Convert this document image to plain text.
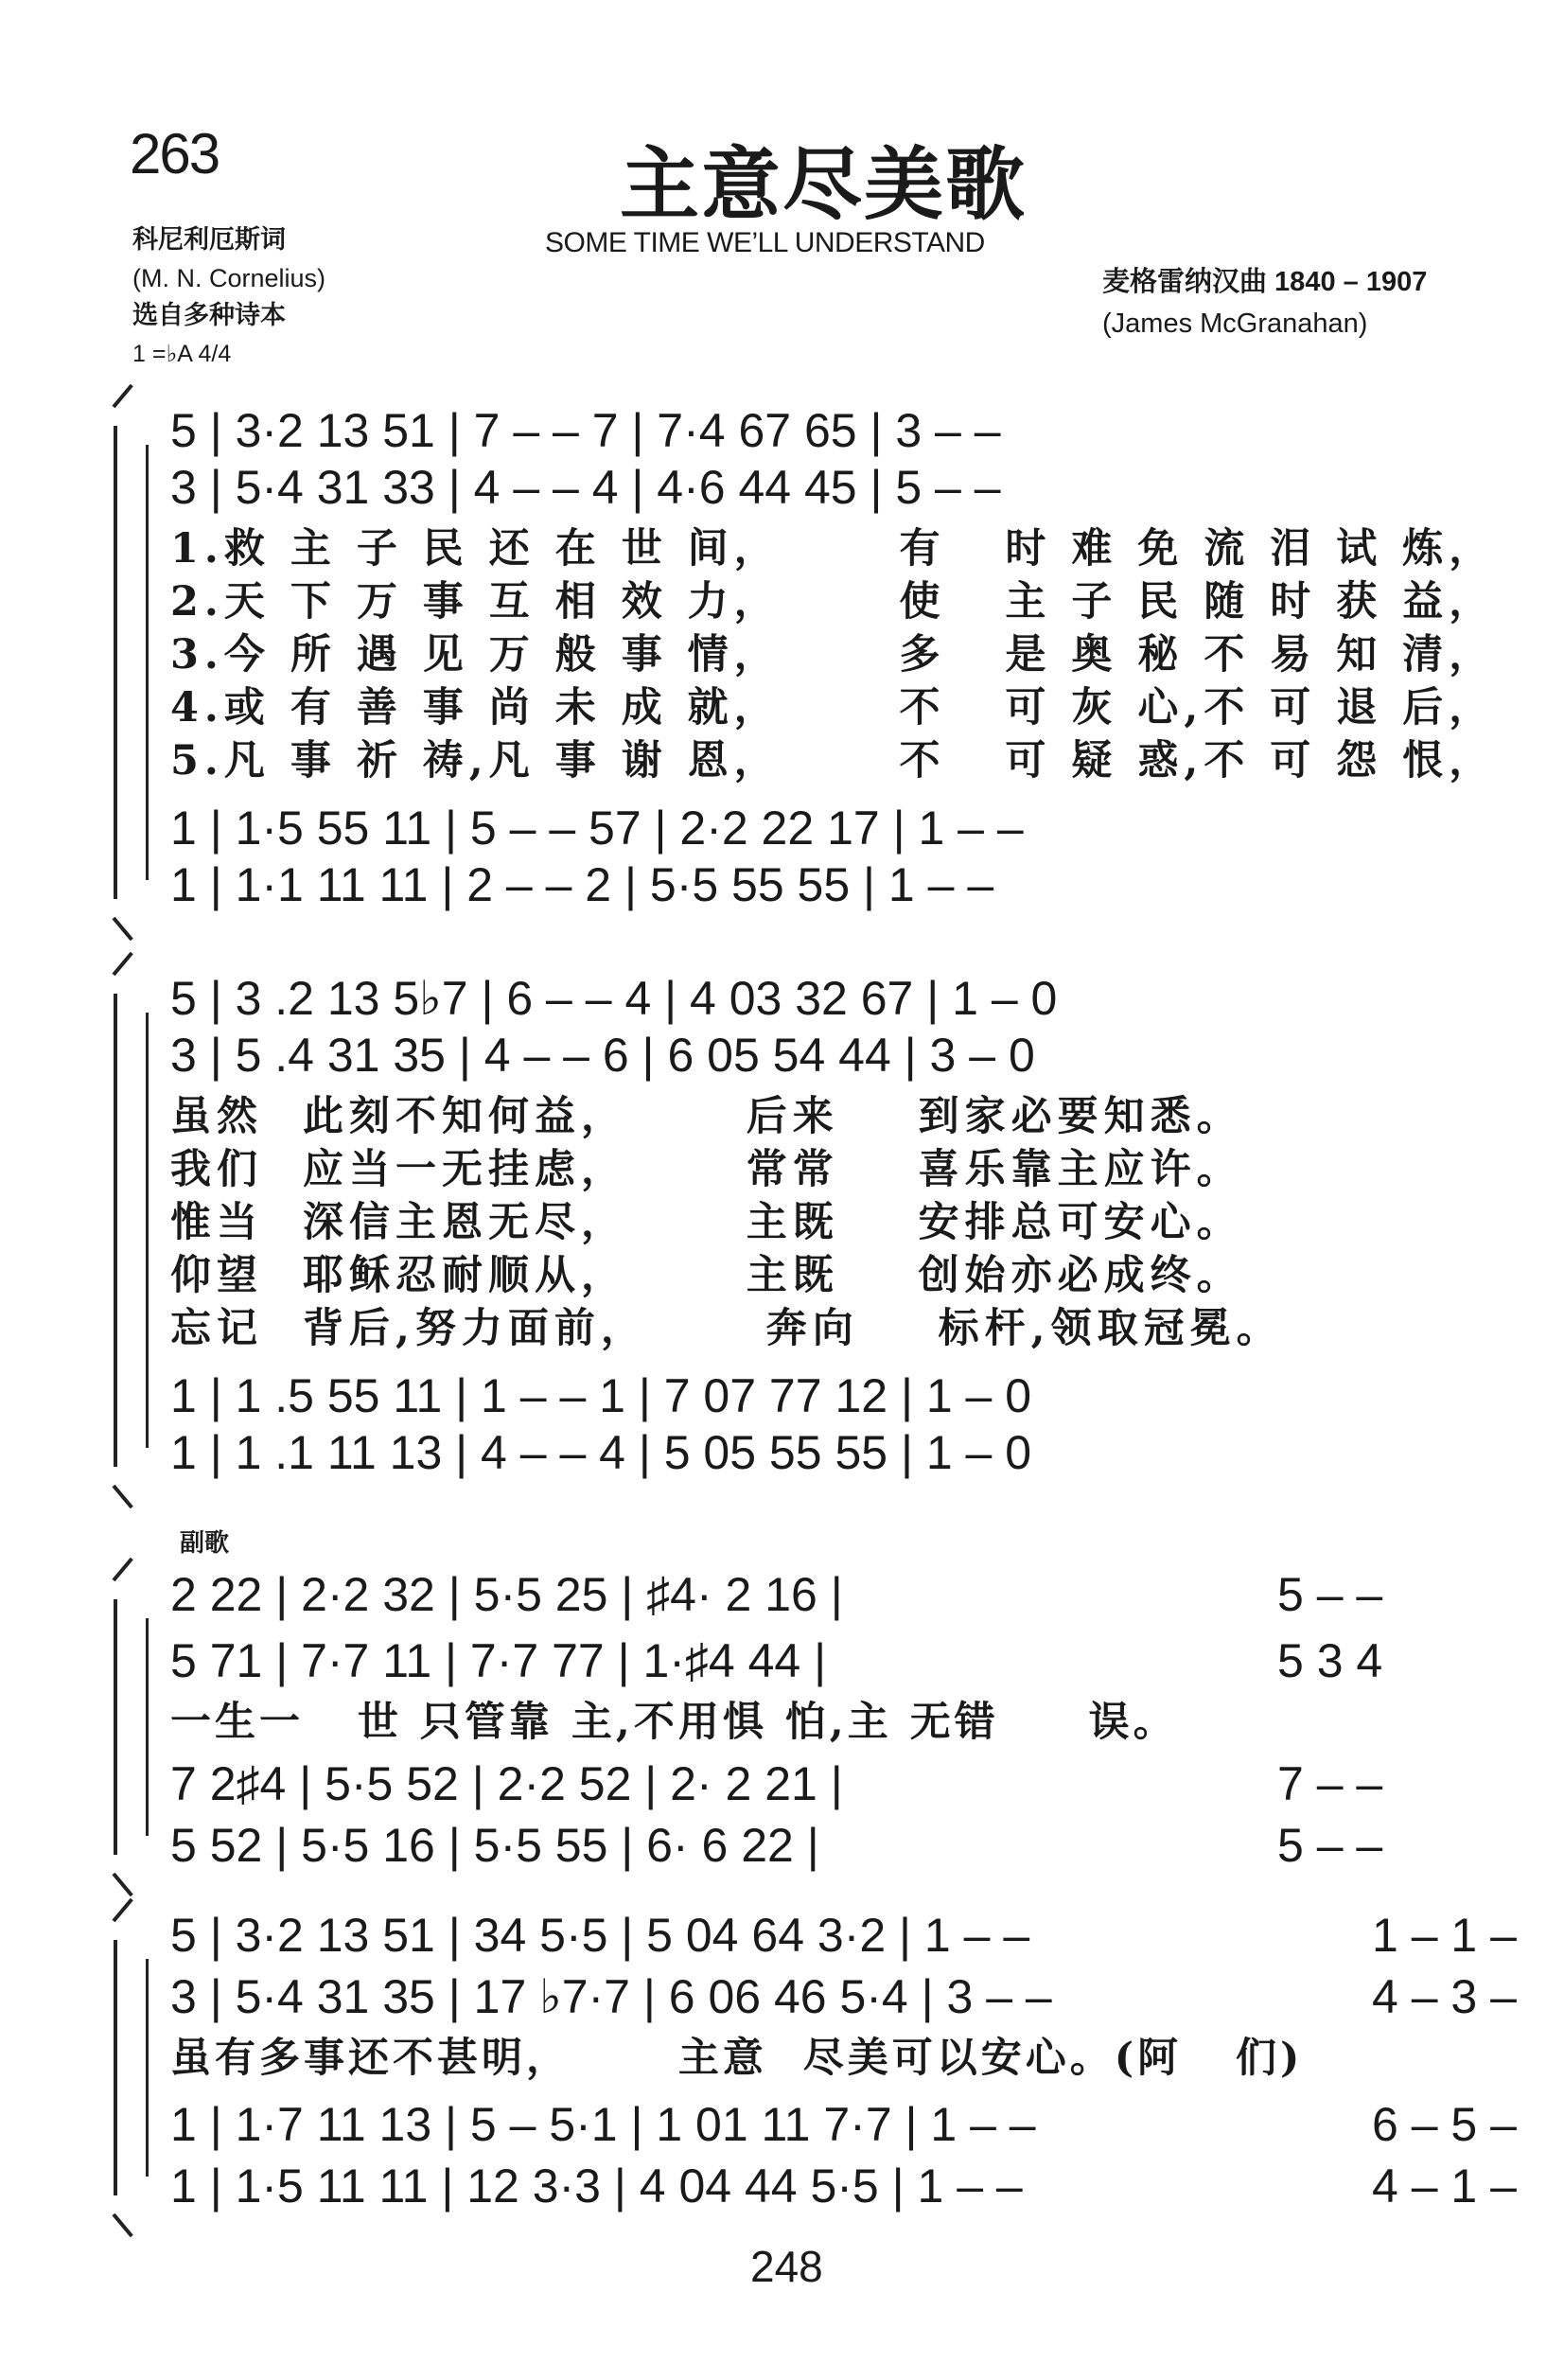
263	主意尽美歌
SOME TIME WE’LL UNDERSTAND
科尼利厄斯词
(M. N. Cornelius)
选自多种诗本
1 =♭A 4/4
麦格雷纳汉曲 1840 – 1907
(James McGranahan)
5 | 3·2 13 51 | 7 – – 7 | 7·4 67 65 | 3 – –
3 | 5·4 31 33 | 4 – – 4 | 4·6 44 45 | 5 – –
1.救 主 子 民 还 在 世 间，      有   时 难 免 流 泪 试 炼，
2.天 下 万 事 互 相 效 力，      使   主 子 民 随 时 获 益，
3.今 所 遇 见 万 般 事 情，      多   是 奥 秘 不 易 知 清，
4.或 有 善 事 尚 未 成 就，      不   可 灰 心,不 可 退 后，
5.凡 事 祈 祷,凡 事 谢 恩，      不   可 疑 惑,不 可 怨 恨，
1 | 1·5 55 11 | 5 – – 57 | 2·2 22 17 | 1 – –
1 | 1·1 11 11 | 2 – – 2 | 5·5 55 55 | 1 – –
5 | 3 .2 13 5♭7 | 6 – – 4 | 4 03 32 67 | 1 – 0
3 | 5 .4 31 35 | 4 – – 6 | 6 05 54 44 | 3 – 0
虽然  此刻不知何益，      后来    到家必要知悉。
我们  应当一无挂虑，      常常    喜乐靠主应许。
惟当  深信主恩无尽，      主既    安排总可安心。
仰望  耶稣忍耐顺从，      主既    创始亦必成终。
忘记  背后,努力面前，      奔向    标杆,领取冠冕。
1 | 1 .5 55 11 | 1 – – 1 | 7 07 77 12 | 1 – 0
1 | 1 .1 11 13 | 4 – – 4 | 5 05 55 55 | 1 – 0
副歌
2 22 | 2·2 32 | 5·5 25 | ♯4· 2 16 |	5 – –
5 71 | 7·7 11 | 7·7 77 | 1·♯4 44 |	5 3 4
一生一   世 只管靠 主,不用惧 怕,主 无错     误。
7 2♯4 | 5·5 52 | 2·2 52 | 2· 2 21 |	7 – –
5 52 | 5·5 16 | 5·5 55 | 6· 6 22 |	5 – –
5 | 3·2 13 51 | 34 5·5 | 5 04 64 3·2 | 1 – –	1 – 1 –
3 | 5·4 31 35 | 17 ♭7·7 | 6 06 46 5·4 | 3 – –	4 – 3 –
虽有多事还不甚明，      主意  尽美可以安心。(阿   们)
1 | 1·7 11 13 | 5 – 5·1 | 1 01 11 7·7 | 1 – –	6 – 5 –
1 | 1·5 11 11 | 12 3·3 | 4 04 44 5·5 | 1 – –	4 – 1 –
248
